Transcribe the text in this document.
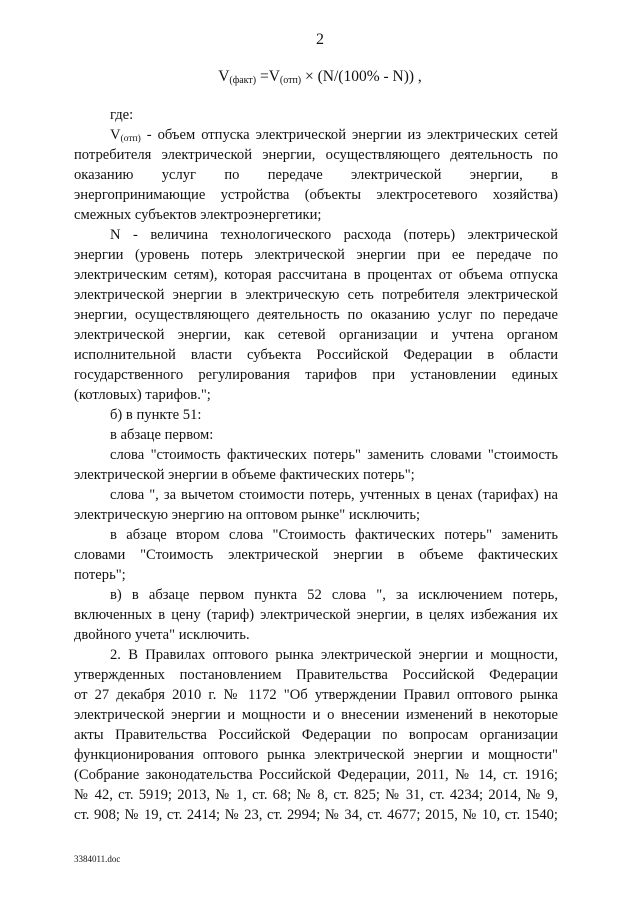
2
$V_{(факт)} =V_{(отп)} \times (N/(100\% - N))$ ,
где:
$V_{(отп)}$ - объем отпуска электрической энергии из электрических сетей
потребителя электрической энергии, осуществляющего деятельность по
оказанию услуг по передаче электрической энергии, в
энергопринимающие устройства (объекты электросетевого хозяйства)
смежных субъектов электроэнергетики;
N - величина технологического расхода (потерь) электрической
энергии (уровень потерь электрической энергии при ее передаче по
электрическим сетям), которая рассчитана в процентах от объема отпуска
электрической энергии в электрическую сеть потребителя электрической
энергии, осуществляющего деятельность по оказанию услуг по передаче
электрической энергии, как сетевой организации и учтена органом
исполнительной власти субъекта Российской Федерации в области
государственного регулирования тарифов при установлении единых
(котловых) тарифов.";
б) в пункте 51:
в абзаце первом:
слова "стоимость фактических потерь" заменить словами "стоимость
электрической энергии в объеме фактических потерь";
слова ", за вычетом стоимости потерь, учтенных в ценах (тарифах) на
электрическую энергию на оптовом рынке" исключить;
в абзаце втором слова "Стоимость фактических потерь" заменить
словами "Стоимость электрической энергии в объеме фактических
потерь";
в) в абзаце первом пункта 52 слова ", за исключением потерь,
включенных в цену (тариф) электрической энергии, в целях избежания их
двойного учета" исключить.
2. В Правилах оптового рынка электрической энергии и мощности,
утвержденных постановлением Правительства Российской Федерации
от 27 декабря 2010 г. № 1172 "Об утверждении Правил оптового рынка
электрической энергии и мощности и о внесении изменений в некоторые
акты Правительства Российской Федерации по вопросам организации
функционирования оптового рынка электрической энергии и мощности"
(Собрание законодательства Российской Федерации, 2011, № 14, ст. 1916;
№ 42, ст. 5919; 2013, № 1, ст. 68; № 8, ст. 825; № 31, ст. 4234; 2014, № 9,
ст. 908; № 19, ст. 2414; № 23, ст. 2994; № 34, ст. 4677; 2015, № 10, ст. 1540;
3384011.doc
